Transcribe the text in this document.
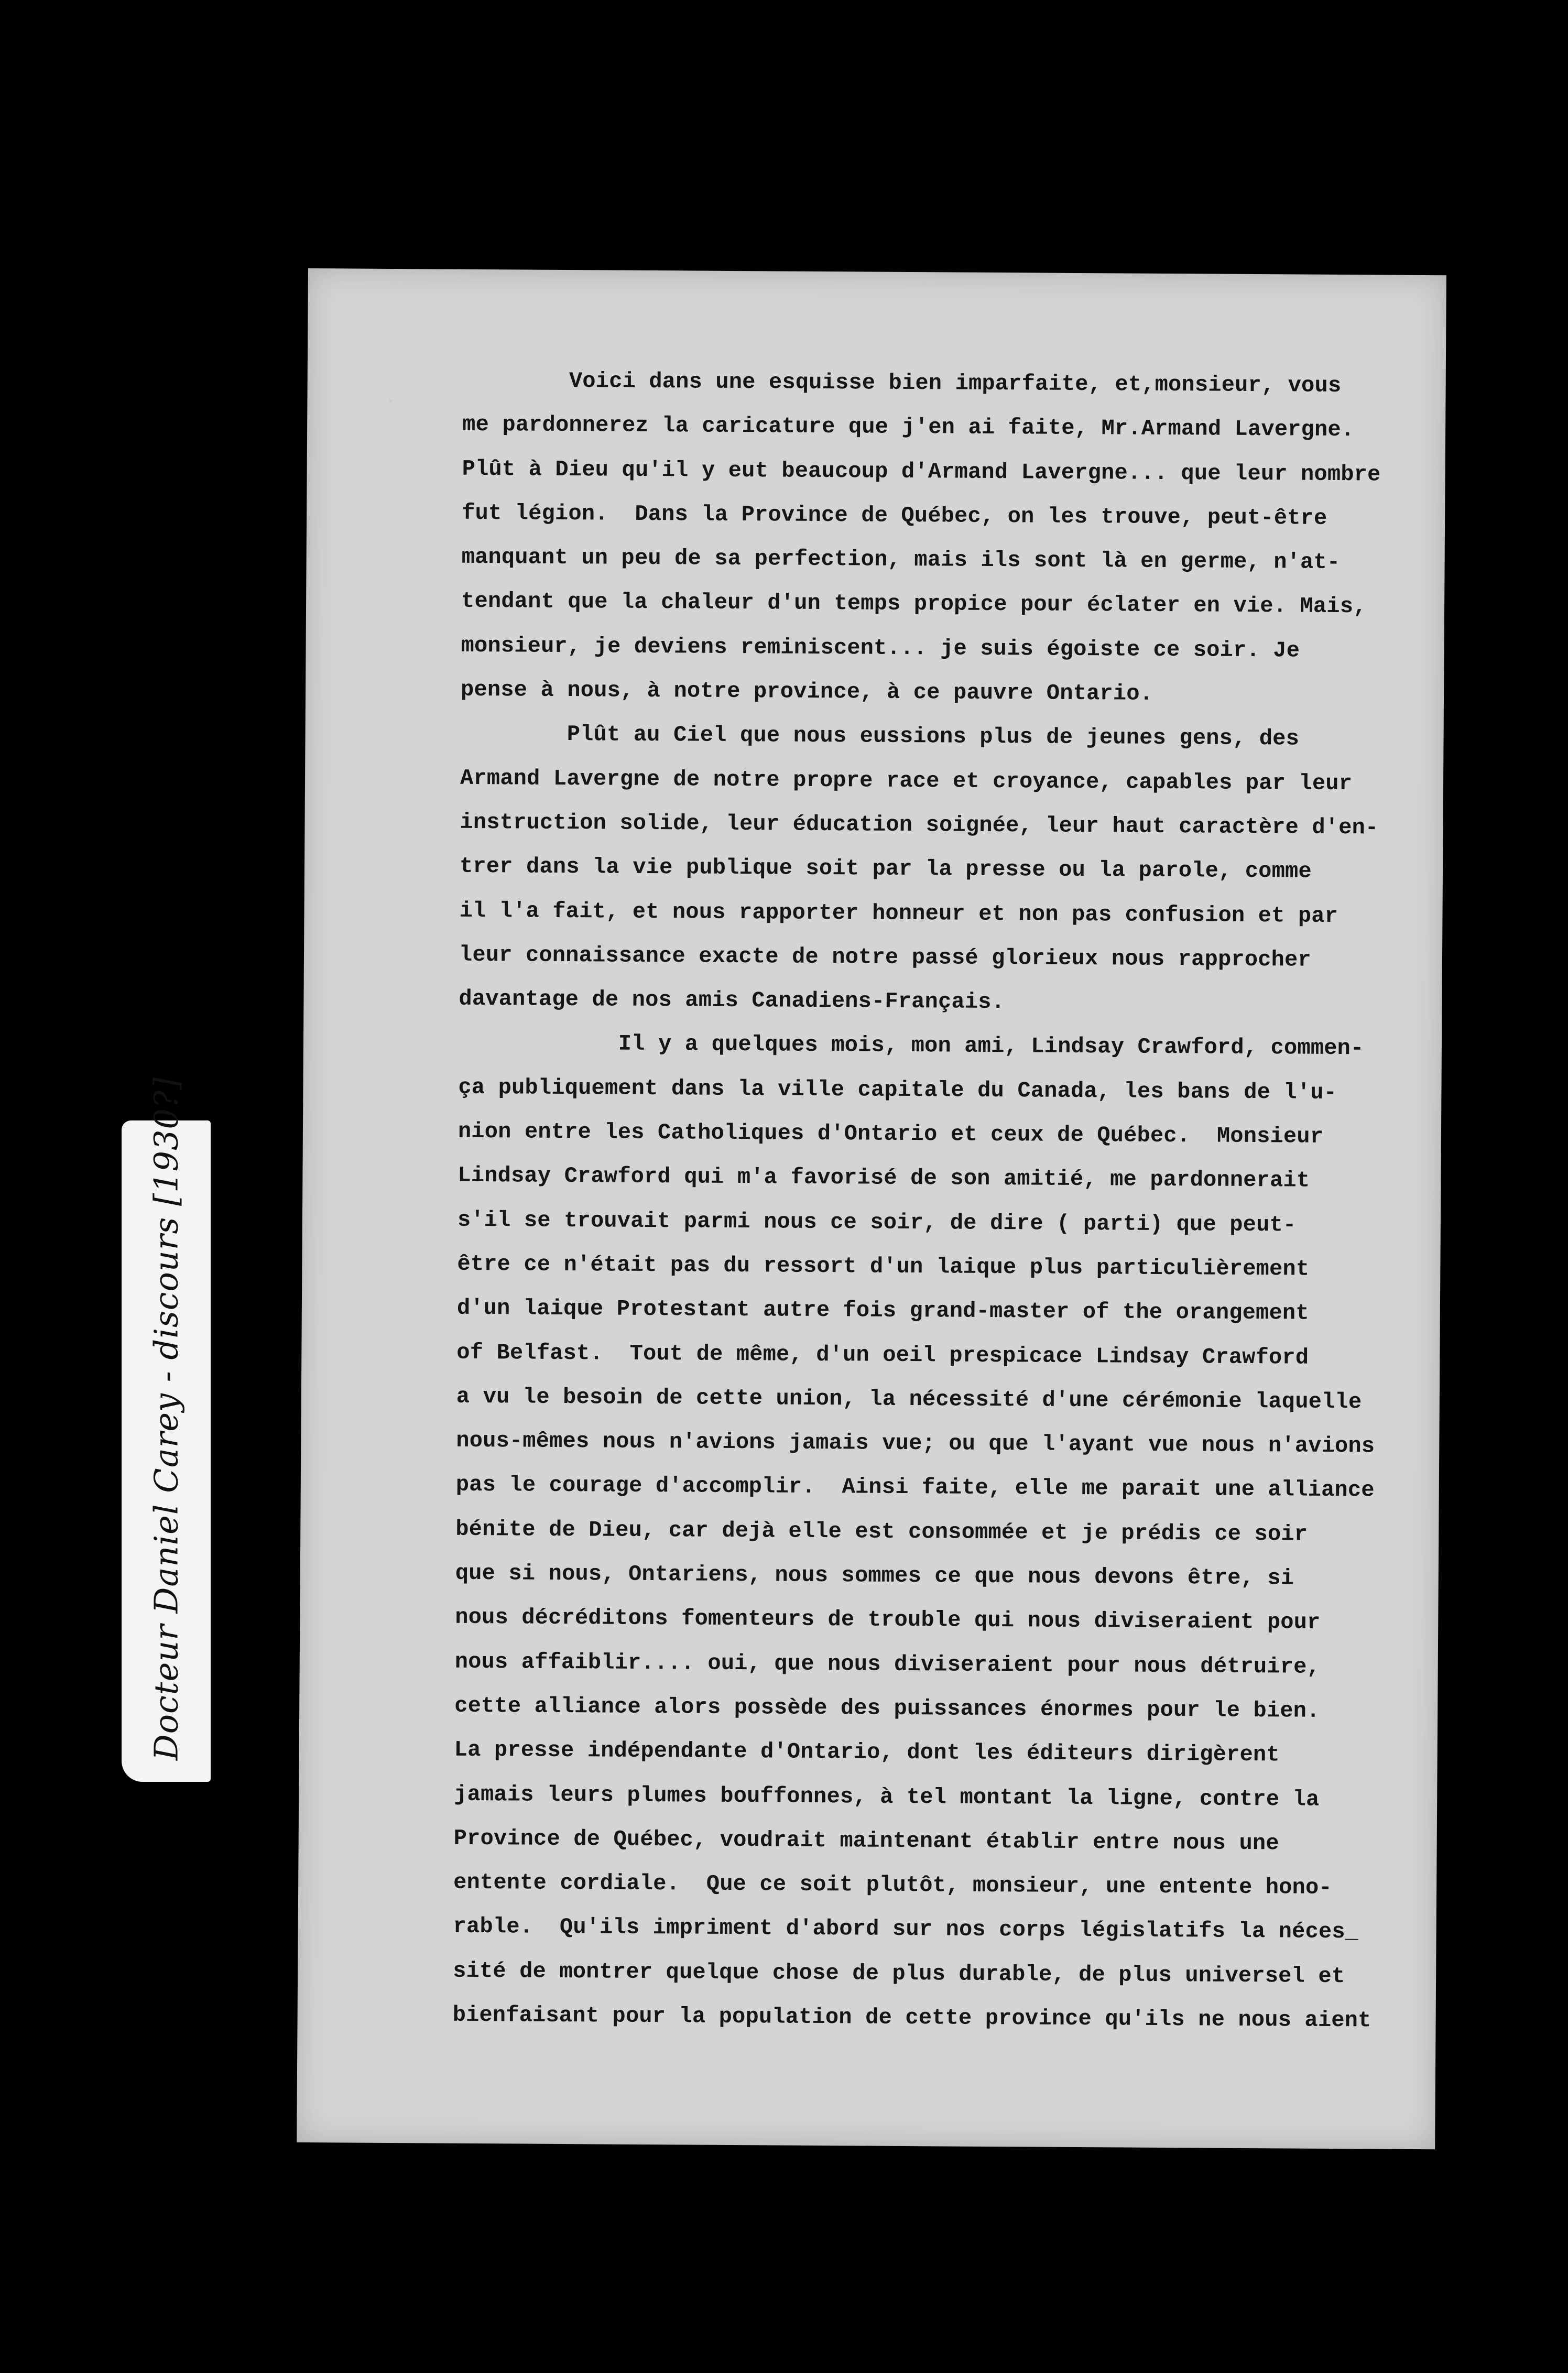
Docteur Daniel Carey - discours [1930?]
Voici dans une esquisse bien imparfaite, et,monsieur, vous
me pardonnerez la caricature que j'en ai faite, Mr.Armand Lavergne.
Plût à Dieu qu'il y eut beaucoup d'Armand Lavergne... que leur nombre
fut légion.  Dans la Province de Québec, on les trouve, peut-être
manquant un peu de sa perfection, mais ils sont là en germe, n'at-
tendant que la chaleur d'un temps propice pour éclater en vie. Mais,
monsieur, je deviens reminiscent... je suis égoiste ce soir. Je
pense à nous, à notre province, à ce pauvre Ontario.
Plût au Ciel que nous eussions plus de jeunes gens, des
Armand Lavergne de notre propre race et croyance, capables par leur
instruction solide, leur éducation soignée, leur haut caractère d'en-
trer dans la vie publique soit par la presse ou la parole, comme
il l'a fait, et nous rapporter honneur et non pas confusion et par
leur connaissance exacte de notre passé glorieux nous rapprocher
davantage de nos amis Canadiens-Français.
Il y a quelques mois, mon ami, Lindsay Crawford, commen-
ça publiquement dans la ville capitale du Canada, les bans de l'u-
nion entre les Catholiques d'Ontario et ceux de Québec.  Monsieur
Lindsay Crawford qui m'a favorisé de son amitié, me pardonnerait
s'il se trouvait parmi nous ce soir, de dire ( parti) que peut-
être ce n'était pas du ressort d'un laique plus particulièrement
d'un laique Protestant autre fois grand-master of the orangement
of Belfast.  Tout de même, d'un oeil prespicace Lindsay Crawford
a vu le besoin de cette union, la nécessité d'une cérémonie laquelle
nous-mêmes nous n'avions jamais vue; ou que l'ayant vue nous n'avions
pas le courage d'accomplir.  Ainsi faite, elle me parait une alliance
bénite de Dieu, car dejà elle est consommée et je prédis ce soir
que si nous, Ontariens, nous sommes ce que nous devons être, si
nous décréditons fomenteurs de trouble qui nous diviseraient pour
nous affaiblir.... oui, que nous diviseraient pour nous détruire,
cette alliance alors possède des puissances énormes pour le bien.
La presse indépendante d'Ontario, dont les éditeurs dirigèrent
jamais leurs plumes bouffonnes, à tel montant la ligne, contre la
Province de Québec, voudrait maintenant établir entre nous une
entente cordiale.  Que ce soit plutôt, monsieur, une entente hono-
rable.  Qu'ils impriment d'abord sur nos corps législatifs la néces_
sité de montrer quelque chose de plus durable, de plus universel et
bienfaisant pour la population de cette province qu'ils ne nous aient
